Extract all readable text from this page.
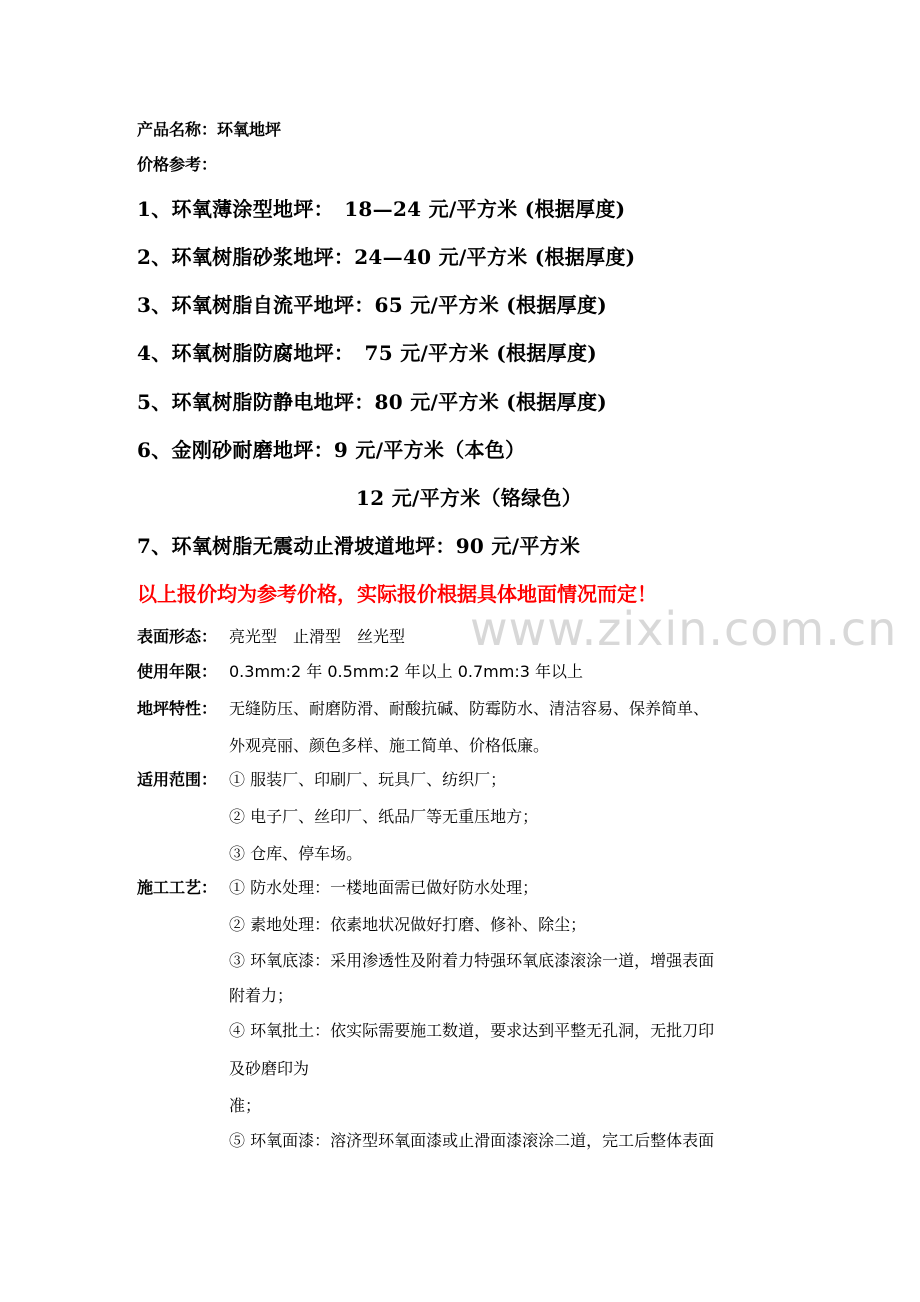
产品名称：环氧地坪
价格参考：
1、环氧薄涂型地坪：　18—24 元/平方米 (根据厚度)
2、环氧树脂砂浆地坪：24—40 元/平方米 (根据厚度)
3、环氧树脂自流平地坪：65 元/平方米 (根据厚度)
4、环氧树脂防腐地坪：　75 元/平方米 (根据厚度)
5、环氧树脂防静电地坪：80 元/平方米 (根据厚度)
6、金刚砂耐磨地坪：9 元/平方米（本色）
12 元/平方米（铬绿色）
7、环氧树脂无震动止滑坡道地坪：90 元/平方米
以上报价均为参考价格，实际报价根据具体地面情况而定！
www.zixin.com.cn
表面形态： 亮光型　止滑型　丝光型
使用年限： 0.3mm:2 年 0.5mm:2 年以上 0.7mm:3 年以上
地坪特性： 无缝防压、耐磨防滑、耐酸抗碱、防霉防水、清洁容易、保养简单、
外观亮丽、颜色多样、施工简单、价格低廉。
适用范围： ① 服装厂、印刷厂、玩具厂、纺织厂；
② 电子厂、丝印厂、纸品厂等无重压地方；
③ 仓库、停车场。
施工工艺： ① 防水处理：一楼地面需已做好防水处理；
② 素地处理：依素地状况做好打磨、修补、除尘；
③ 环氧底漆：采用渗透性及附着力特强环氧底漆滚涂一道，增强表面
附着力；
④ 环氧批土：依实际需要施工数道，要求达到平整无孔洞，无批刀印
及砂磨印为
准；
⑤ 环氧面漆：溶济型环氧面漆或止滑面漆滚涂二道，完工后整体表面
